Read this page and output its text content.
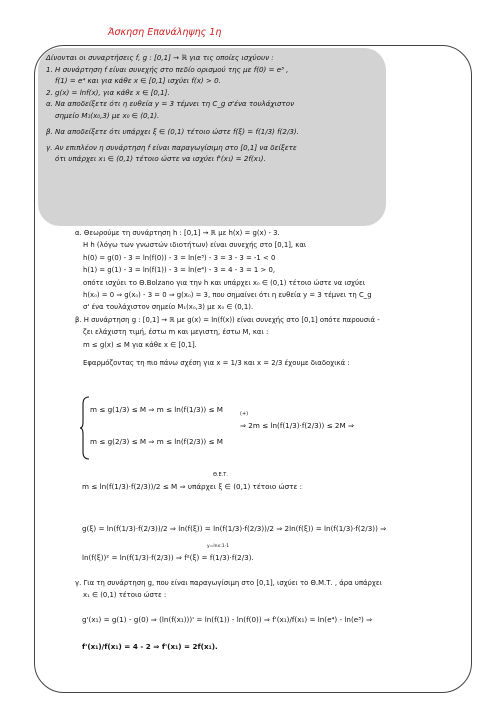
Άσκηση Επανάληψης 1η
Δίνονται οι συναρτήσεις f, g : [0,1] → ℝ για τις οποίες ισχύουν :
1. Η συνάρτηση f είναι συνεχής στο πεδίο ορισμού της με f(0) = e³ ,
f(1) = e⁴ και για κάθε x ∈ [0,1] ισχύει f(x) > 0.
2. g(x) = lnf(x), για κάθε x ∈ [0,1].
α. Να αποδείξετε ότι η ευθεία y = 3 τέμνει τη C_g σ'ένα τουλάχιστον
σημείο M₁(x₀,3) με x₀ ∈ (0,1).
β. Να αποδείξετε ότι υπάρχει ξ ∈ (0,1) τέτοιο ώστε f(ξ) = f(1/3) f(2/3).
γ. Αν επιπλέον η συνάρτηση f είναι παραγωγίσιμη στο [0,1] να δείξετε
ότι υπάρχει x₁ ∈ (0,1) τέτοιο ώστε να ισχύει f'(x₁) = 2f(x₁).
α. Θεωρούμε τη συνάρτηση h : [0,1] → ℝ με h(x) = g(x) - 3.
Η h (λόγω των γνωστών ιδιοτήτων) είναι συνεχής στο [0,1], και
h(0) = g(0) - 3 = ln(f(0)) - 3 = ln(e³) - 3 = 3 - 3 = -1 < 0
h(1) = g(1) - 3 = ln(f(1)) - 3 = ln(e⁴) - 3 = 4 - 3 = 1 > 0,
οπότε ισχύει το Θ.Bolzano για την h και υπάρχει x₀ ∈ (0,1) τέτοιο ώστε να ισχύει
h(x₀) = 0 ⇒ g(x₀) - 3 = 0 ⇒ g(x₀) = 3, που σημαίνει ότι η ευθεία y = 3 τέμνει τη C_g
σ' ένα τουλάχιστον σημείο M₁(x₀,3) με x₀ ∈ (0,1).
β. Η συνάρτηση g : [0,1] → ℝ με g(x) = ln(f(x)) είναι συνεχής στο [0,1] οπότε παρουσιά -
ζει ελάχιστη τιμή, έστω m και μεγιστη, έστω M, και :
m ≤ g(x) ≤ M για κάθε x ∈ [0,1].
Εφαρμόζοντας τη πιο πάνω σχέση για x = 1/3 και x = 2/3 έχουμε διαδοχικά :
m ≤ g(1/3) ≤ M ⇒ m ≤ ln(f(1/3)) ≤ M
m ≤ g(2/3) ≤ M ⇒ m ≤ ln(f(2/3)) ≤ M
(+)
⇒ 2m ≤ ln(f(1/3)·f(2/3)) ≤ 2M ⇒
Θ.Ε.Τ.
m ≤ ln(f(1/3)·f(2/3))/2 ≤ M ⇒ υπάρχει ξ ∈ (0,1) τέτοιο ώστε :
g(ξ) = ln(f(1/3)·f(2/3))/2 ⇒ ln(f(ξ)) = ln(f(1/3)·f(2/3))/2 ⇒ 2ln(f(ξ)) = ln(f(1/3)·f(2/3)) ⇒
y=lnx:1-1
ln(f(ξ))² = ln(f(1/3)·f(2/3)) ⇒ f²(ξ) = f(1/3)·f(2/3).
γ. Για τη συνάρτηση g, που είναι παραγωγίσιμη στο [0,1], ισχύει το Θ.Μ.Τ. , άρα υπάρχει
x₁ ∈ (0,1) τέτοιο ώστε :
g'(x₁) = g(1) - g(0) ⇒ (ln(f(x₁)))' = ln(f(1)) - ln(f(0)) ⇒ f'(x₁)/f(x₁) = ln(e⁴) - ln(e³) ⇒
f'(x₁)/f(x₁) = 4 - 2 ⇒ f'(x₁) = 2f(x₁).
